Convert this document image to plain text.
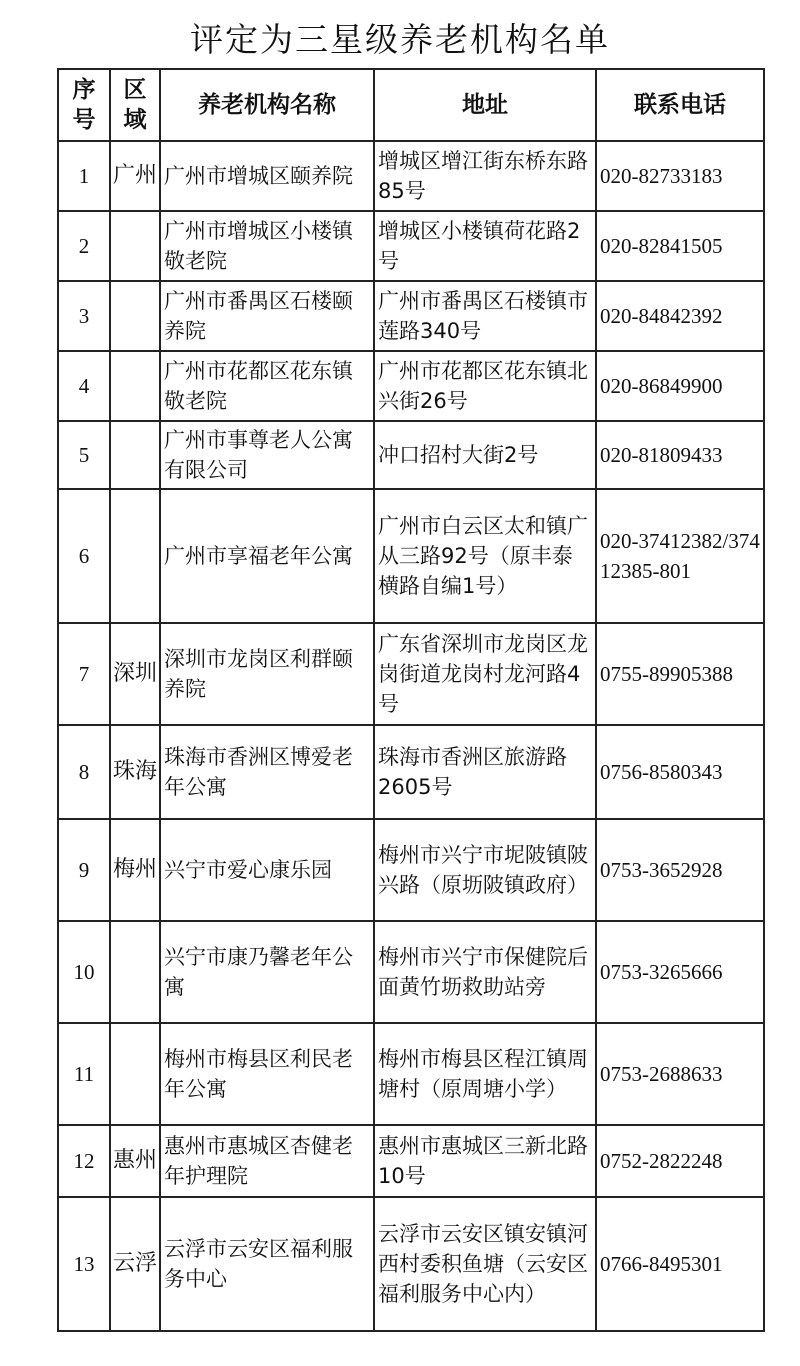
评定为三星级养老机构名单
序号	区域	养老机构名称	地址	联系电话
1	广州	广州市增城区颐养院	增城区增江街东桥东路85号	020-82733183
2		广州市增城区小楼镇敬老院	增城区小楼镇荷花路2号	020-82841505
3		广州市番禺区石楼颐养院	广州市番禺区石楼镇市莲路340号	020-84842392
4		广州市花都区花东镇敬老院	广州市花都区花东镇北兴街26号	020-86849900
5		广州市事尊老人公寓有限公司	冲口招村大街2号	020-81809433
6		广州市享福老年公寓	广州市白云区太和镇广从三路92号（原丰泰横路自编1号）	020-37412382/37412385-801
7	深圳	深圳市龙岗区利群颐养院	广东省深圳市龙岗区龙岗街道龙岗村龙河路4号	0755-89905388
8	珠海	珠海市香洲区博爱老年公寓	珠海市香洲区旅游路2605号	0756-8580343
9	梅州	兴宁市爱心康乐园	梅州市兴宁市坭陂镇陂兴路（原坜陂镇政府）	0753-3652928
10		兴宁市康乃馨老年公寓	梅州市兴宁市保健院后面黄竹坜救助站旁	0753-3265666
11		梅州市梅县区利民老年公寓	梅州市梅县区程江镇周塘村（原周塘小学）	0753-2688633
12	惠州	惠州市惠城区杏健老年护理院	惠州市惠城区三新北路10号	0752-2822248
13	云浮	云浮市云安区福利服务中心	云浮市云安区镇安镇河西村委积鱼塘（云安区福利服务中心内）	0766-8495301
